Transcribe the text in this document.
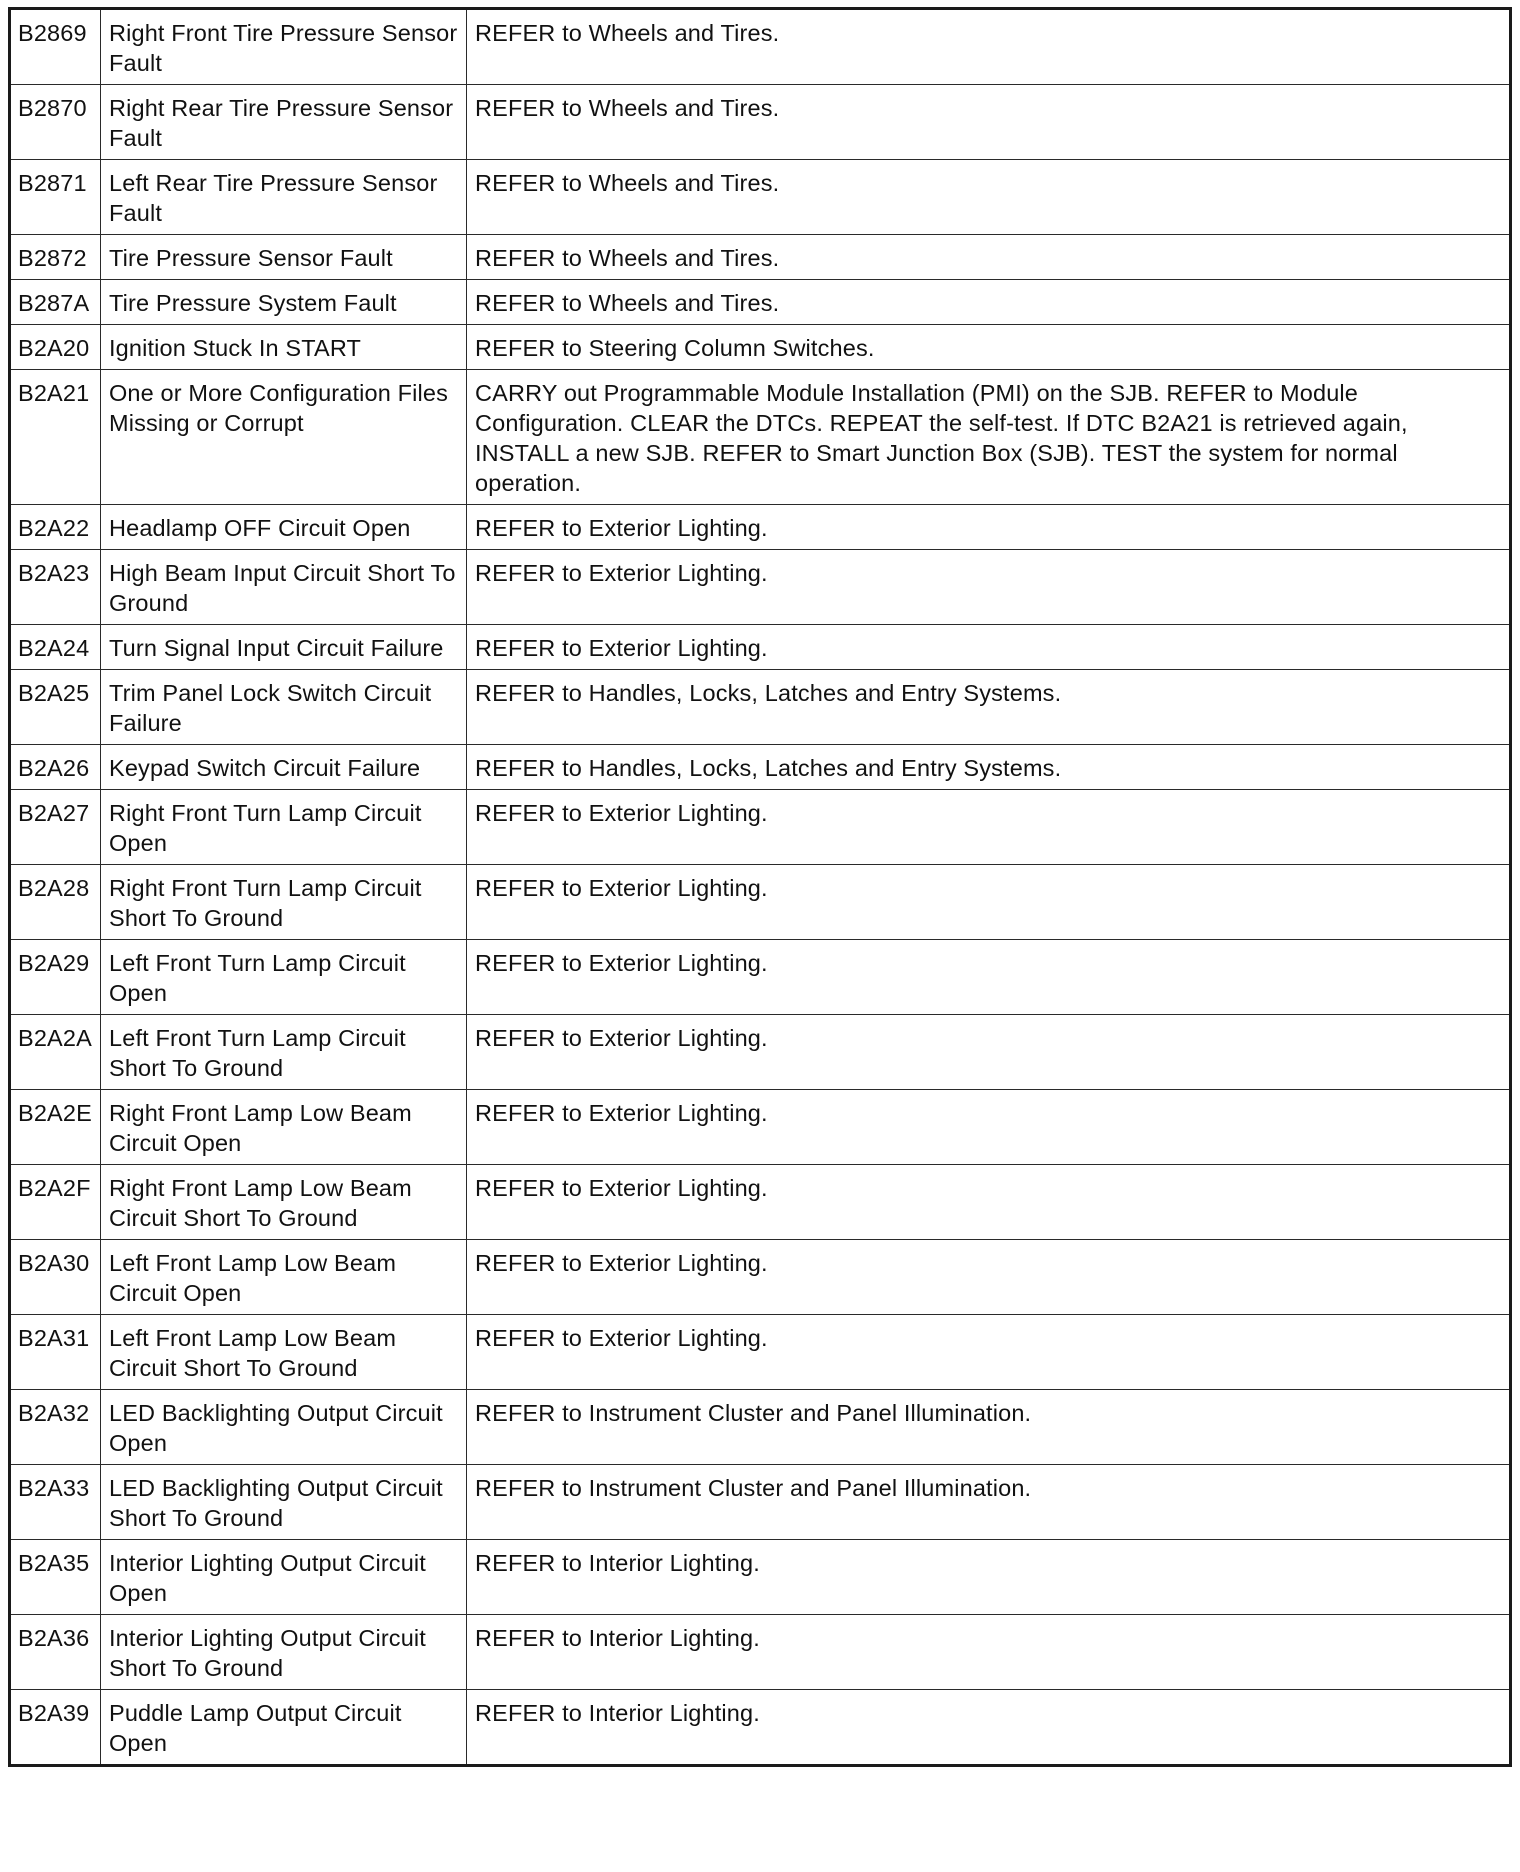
B2869	Right Front Tire Pressure Sensor Fault	REFER to Wheels and Tires.
B2870	Right Rear Tire Pressure Sensor Fault	REFER to Wheels and Tires.
B2871	Left Rear Tire Pressure Sensor Fault	REFER to Wheels and Tires.
B2872	Tire Pressure Sensor Fault	REFER to Wheels and Tires.
B287A	Tire Pressure System Fault	REFER to Wheels and Tires.
B2A20	Ignition Stuck In START	REFER to Steering Column Switches.
B2A21	One or More Configuration Files Missing or Corrupt	CARRY out Programmable Module Installation (PMI) on the SJB. REFER to Module Configuration. CLEAR the DTCs. REPEAT the self-test. If DTC B2A21 is retrieved again, INSTALL a new SJB. REFER to Smart Junction Box (SJB). TEST the system for normal operation.
B2A22	Headlamp OFF Circuit Open	REFER to Exterior Lighting.
B2A23	High Beam Input Circuit Short To Ground	REFER to Exterior Lighting.
B2A24	Turn Signal Input Circuit Failure	REFER to Exterior Lighting.
B2A25	Trim Panel Lock Switch Circuit Failure	REFER to Handles, Locks, Latches and Entry Systems.
B2A26	Keypad Switch Circuit Failure	REFER to Handles, Locks, Latches and Entry Systems.
B2A27	Right Front Turn Lamp Circuit Open	REFER to Exterior Lighting.
B2A28	Right Front Turn Lamp Circuit Short To Ground	REFER to Exterior Lighting.
B2A29	Left Front Turn Lamp Circuit Open	REFER to Exterior Lighting.
B2A2A	Left Front Turn Lamp Circuit Short To Ground	REFER to Exterior Lighting.
B2A2E	Right Front Lamp Low Beam Circuit Open	REFER to Exterior Lighting.
B2A2F	Right Front Lamp Low Beam Circuit Short To Ground	REFER to Exterior Lighting.
B2A30	Left Front Lamp Low Beam Circuit Open	REFER to Exterior Lighting.
B2A31	Left Front Lamp Low Beam Circuit Short To Ground	REFER to Exterior Lighting.
B2A32	LED Backlighting Output Circuit Open	REFER to Instrument Cluster and Panel Illumination.
B2A33	LED Backlighting Output Circuit Short To Ground	REFER to Instrument Cluster and Panel Illumination.
B2A35	Interior Lighting Output Circuit Open	REFER to Interior Lighting.
B2A36	Interior Lighting Output Circuit Short To Ground	REFER to Interior Lighting.
B2A39	Puddle Lamp Output Circuit Open	REFER to Interior Lighting.
